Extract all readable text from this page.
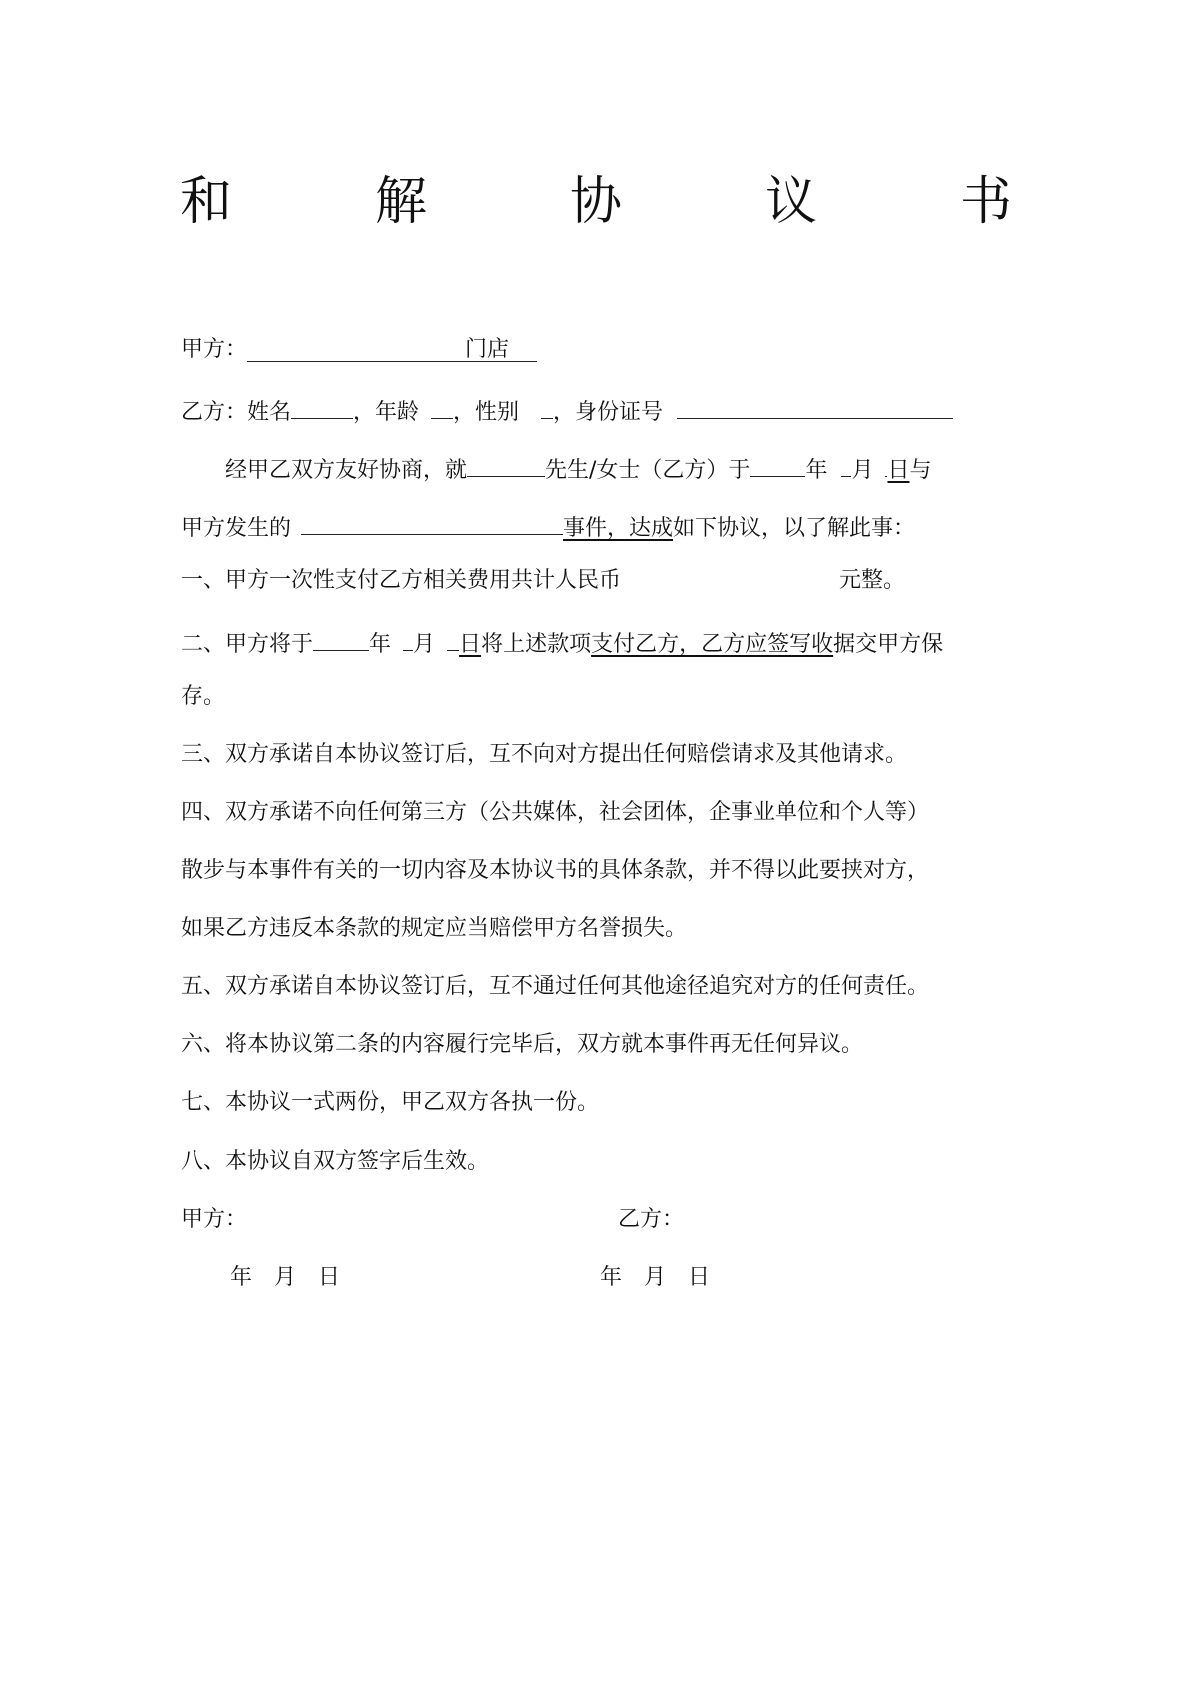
和	解	协	议	书
甲方：	门店
乙方：姓名	，年龄 ，性别 ，身份证号
经甲乙双方友好协商，就	先生/女士（乙方）于	年 月 日与
甲方发生的	事件，达成如下协议，以了解此事：
一、甲方一次性支付乙方相关费用共计人民币	元整。
二、甲方将于	年 月 日将上述款项支付乙方，乙方应签写收据交甲方保
存。
三、双方承诺自本协议签订后，互不向对方提出任何赔偿请求及其他请求。
四、双方承诺不向任何第三方（公共媒体，社会团体，企事业单位和个人等）
散步与本事件有关的一切内容及本协议书的具体条款，并不得以此要挟对方，
如果乙方违反本条款的规定应当赔偿甲方名誉损失。
五、双方承诺自本协议签订后，互不通过任何其他途径追究对方的任何责任。
六、将本协议第二条的内容履行完毕后，双方就本事件再无任何异议。
七、本协议一式两份，甲乙双方各执一份。
八、本协议自双方签字后生效。
甲方：	乙方：
年　月　日	年　月　日
